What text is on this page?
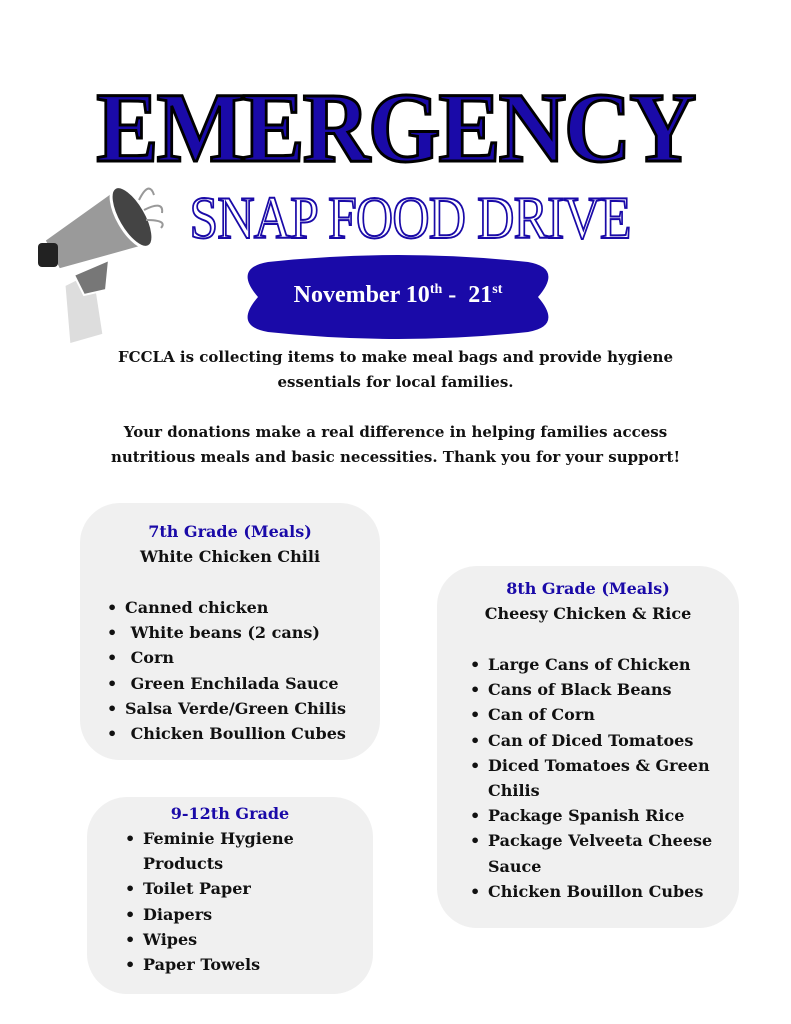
EMERGENCY
SNAP FOOD DRIVE
November 10th -  21st
FCCLA is collecting items to make meal bags and provide hygiene
essentials for local families.
Your donations make a real difference in helping families access
nutritious meals and basic necessities. Thank you for your support!
7th Grade (Meals)
White Chicken Chili
• Canned chicken
•  White beans (2 cans)
•  Corn
•  Green Enchilada Sauce
• Salsa Verde/Green Chilis
•  Chicken Boullion Cubes
9-12th Grade
• Feminie Hygiene Products
• Toilet Paper
• Diapers
• Wipes
• Paper Towels
8th Grade (Meals)
Cheesy Chicken & Rice
• Large Cans of Chicken
• Cans of Black Beans
• Can of Corn
• Can of Diced Tomatoes
• Diced Tomatoes & Green Chilis
• Package Spanish Rice
• Package Velveeta Cheese Sauce
• Chicken Bouillon Cubes
